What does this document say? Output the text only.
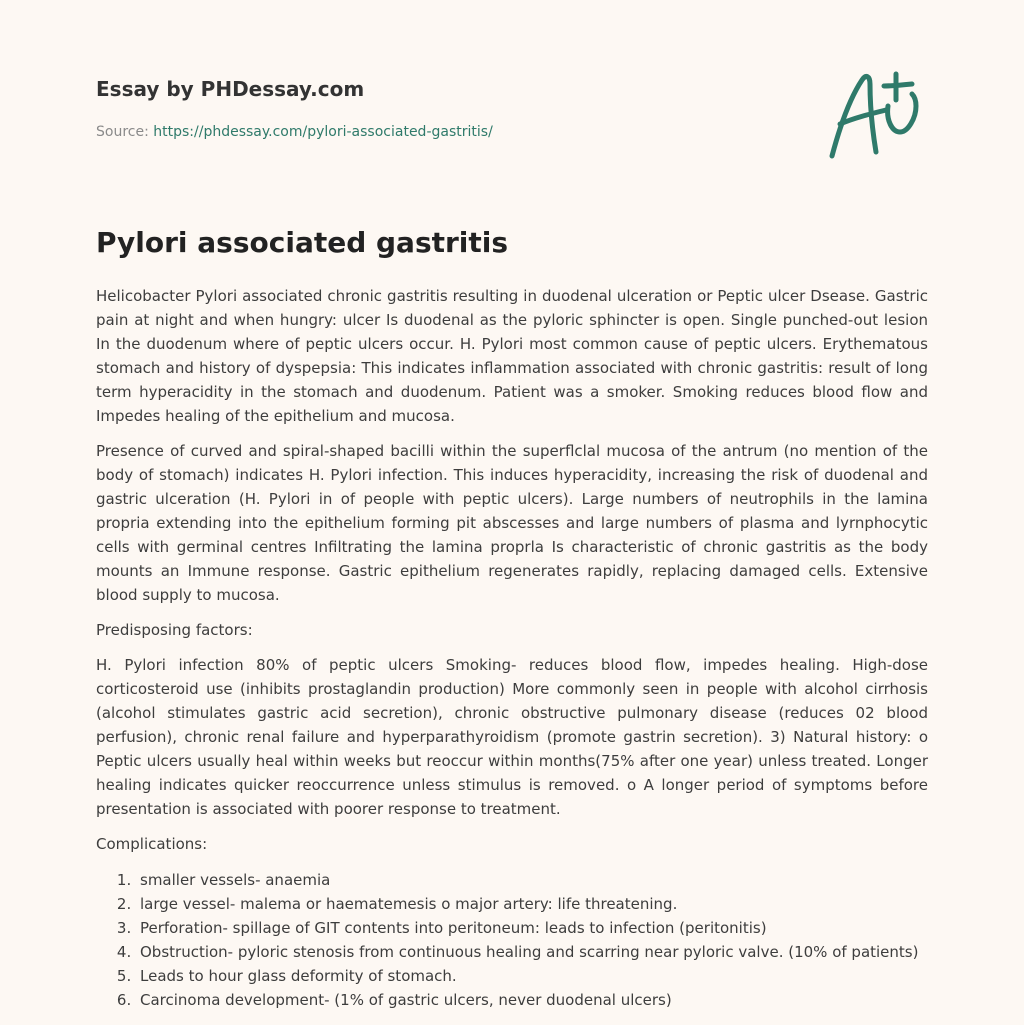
Essay by PHDessay.com
Source: https://phdessay.com/pylori-associated-gastritis/
Pylori associated gastritis

Helicobacter Pylori associated chronic gastritis resulting in duodenal ulceration or Peptic ulcer Dsease. Gastric pain at night and when hungry: ulcer Is duodenal as the pyloric sphincter is open. Single punched-out lesion In the duodenum where of peptic ulcers occur. H. Pylori most common cause of peptic ulcers. Erythematous stomach and history of dyspepsia: This indicates inflammation associated with chronic gastritis: result of long term hyperacidity in the stomach and duodenum. Patient was a smoker. Smoking reduces blood flow and Impedes healing of the epithelium and mucosa.

Presence of curved and spiral-shaped bacilli within the superflclal mucosa of the antrum (no mention of the body of stomach) indicates H. Pylori infection. This induces hyperacidity, increasing the risk of duodenal and gastric ulceration (H. Pylori in of people with peptic ulcers). Large numbers of neutrophils in the lamina propria extending into the epithelium forming pit abscesses and large numbers of plasma and lyrnphocytic cells with germinal centres Infiltrating the lamina proprla Is characteristic of chronic gastritis as the body mounts an Immune response. Gastric epithelium regenerates rapidly, replacing damaged cells. Extensive blood supply to mucosa.

Predisposing factors:

H. Pylori infection 80% of peptic ulcers Smoking- reduces blood flow, impedes healing. High-dose corticosteroid use (inhibits prostaglandin production) More commonly seen in people with alcohol cirrhosis (alcohol stimulates gastric acid secretion), chronic obstructive pulmonary disease (reduces 02 blood perfusion), chronic renal failure and hyperparathyroidism (promote gastrin secretion). 3) Natural history: o Peptic ulcers usually heal within weeks but reoccur within months(75% after one year) unless treated. Longer healing indicates quicker reoccurrence unless stimulus is removed. o A longer period of symptoms before presentation is associated with poorer response to treatment.

Complications:

1. smaller vessels- anaemia
2. large vessel- malema or haematemesis o major artery: life threatening.
3. Perforation- spillage of GIT contents into peritoneum: leads to infection (peritonitis)
4. Obstruction- pyloric stenosis from continuous healing and scarring near pyloric valve. (10% of patients)
5. Leads to hour glass deformity of stomach.
6. Carcinoma development- (1% of gastric ulcers, never duodenal ulcers)
